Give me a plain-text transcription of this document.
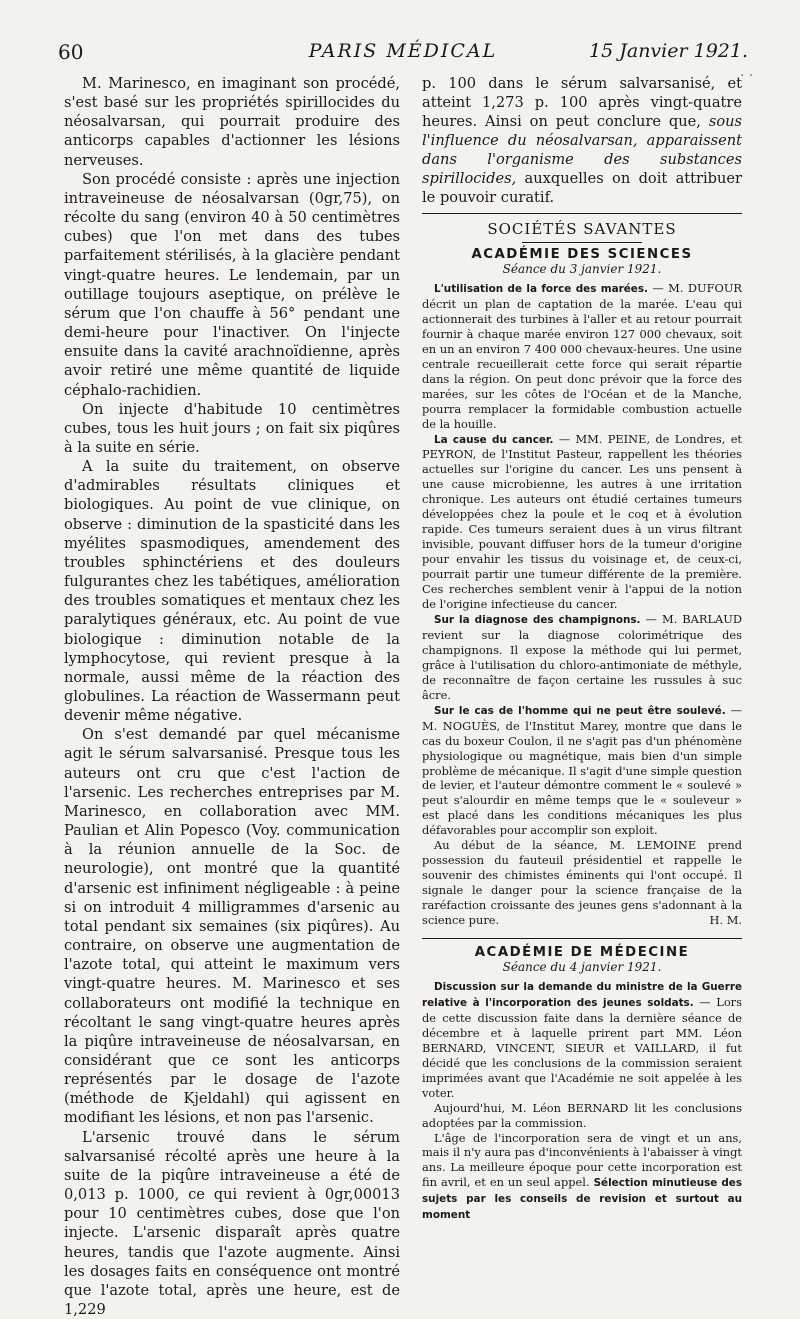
60	PARIS MÉDICAL	15 Janvier 1921.
· ·

M. Marinesco, en imaginant son procédé, s'est basé sur les propriétés spirillocides du néosalvarsan, qui pourrait produire des anticorps capables d'actionner les lésions nerveuses.

Son procédé consiste : après une injection intraveineuse de néosalvarsan (0gr,75), on récolte du sang (environ 40 à 50 centimètres cubes) que l'on met dans des tubes parfaitement stérilisés, à la glacière pendant vingt-quatre heures. Le lendemain, par un outillage toujours aseptique, on prélève le sérum que l'on chauffe à 56° pendant une demi-heure pour l'inactiver. On l'injecte ensuite dans la cavité arachnoïdienne, après avoir retiré une même quantité de liquide céphalo-rachidien.

On injecte d'habitude 10 centimètres cubes, tous les huit jours ; on fait six piqûres à la suite en série.

A la suite du traitement, on observe d'admirables résultats cliniques et biologiques. Au point de vue clinique, on observe : diminution de la spasticité dans les myélites spasmodiques, amendement des troubles sphinctériens et des douleurs fulgurantes chez les tabétiques, amélioration des troubles somatiques et mentaux chez les paralytiques généraux, etc. Au point de vue biologique : diminution notable de la lymphocytose, qui revient presque à la normale, aussi même de la réaction des globulines. La réaction de Wassermann peut devenir même négative.

On s'est demandé par quel mécanisme agit le sérum salvarsanisé. Presque tous les auteurs ont cru que c'est l'action de l'arsenic. Les recherches entreprises par M. Marinesco, en collaboration avec MM. Paulian et Alin Popesco (Voy. communication à la réunion annuelle de la Soc. de neurologie), ont montré que la quantité d'arsenic est infiniment négligeable : à peine si on introduit 4 milligrammes d'arsenic au total pendant six semaines (six piqûres). Au contraire, on observe une augmentation de l'azote total, qui atteint le maximum vers vingt-quatre heures. M. Marinesco et ses collaborateurs ont modifié la technique en récoltant le sang vingt-quatre heures après la piqûre intraveineuse de néosalvarsan, en considérant que ce sont les anticorps représentés par le dosage de l'azote (méthode de Kjeldahl) qui agissent en modifiant les lésions, et non pas l'arsenic.

L'arsenic trouvé dans le sérum salvarsanisé récolté après une heure à la suite de la piqûre intraveineuse a été de 0,013 p. 1000, ce qui revient à 0gr,00013 pour 10 centimètres cubes, dose que l'on injecte. L'arsenic disparaît après quatre heures, tandis que l'azote augmente. Ainsi les dosages faits en conséquence ont montré que l'azote total, après une heure, est de 1,229

p. 100 dans le sérum salvarsanisé, et atteint 1,273 p. 100 après vingt-quatre heures. Ainsi on peut conclure que, sous l'influence du néosalvarsan, apparaissent dans l'organisme des substances spirillocides, auxquelles on doit attribuer le pouvoir curatif.

SOCIÉTÉS SAVANTES
ACADÉMIE DES SCIENCES
Séance du 3 janvier 1921.

L'utilisation de la force des marées. — M. DUFOUR décrit un plan de captation de la marée. L'eau qui actionnerait des turbines à l'aller et au retour pourrait fournir à chaque marée environ 127 000 chevaux, soit en un an environ 7 400 000 chevaux-heures. Une usine centrale recueillerait cette force qui serait répartie dans la région. On peut donc prévoir que la force des marées, sur les côtes de l'Océan et de la Manche, pourra remplacer la formidable combustion actuelle de la houille.

La cause du cancer. — MM. PEINE, de Londres, et PEYRON, de l'Institut Pasteur, rappellent les théories actuelles sur l'origine du cancer. Les uns pensent à une cause microbienne, les autres à une irritation chronique. Les auteurs ont étudié certaines tumeurs développées chez la poule et le coq et à évolution rapide. Ces tumeurs seraient dues à un virus filtrant invisible, pouvant diffuser hors de la tumeur d'origine pour envahir les tissus du voisinage et, de ceux-ci, pourrait partir une tumeur différente de la première. Ces recherches semblent venir à l'appui de la notion de l'origine infectieuse du cancer.

Sur la diagnose des champignons. — M. BARLAUD revient sur la diagnose colorimétrique des champignons. Il expose la méthode qui lui permet, grâce à l'utilisation du chloro-antimoniate de méthyle, de reconnaître de façon certaine les russules à suc âcre.

Sur le cas de l'homme qui ne peut être soulevé. — M. NOGUÈS, de l'Institut Marey, montre que dans le cas du boxeur Coulon, il ne s'agit pas d'un phénomène physiologique ou magnétique, mais bien d'un simple problème de mécanique. Il s'agit d'une simple question de levier, et l'auteur démontre comment le « soulevé » peut s'alourdir en même temps que le « souleveur » est placé dans les conditions mécaniques les plus défavorables pour accomplir son exploit.

Au début de la séance, M. LEMOINE prend possession du fauteuil présidentiel et rappelle le souvenir des chimistes éminents qui l'ont occupé. Il signale le danger pour la science française de la raréfaction croissante des jeunes gens s'adonnant à la science pure.	H. M.

ACADÉMIE DE MÉDECINE
Séance du 4 janvier 1921.

Discussion sur la demande du ministre de la Guerre relative à l'incorporation des jeunes soldats. — Lors de cette discussion faite dans la dernière séance de décembre et à laquelle prirent part MM. Léon BERNARD, VINCENT, SIEUR et VAILLARD, il fut décidé que les conclusions de la commission seraient imprimées avant que l'Académie ne soit appelée à les voter.

Aujourd'hui, M. Léon BERNARD lit les conclusions adoptées par la commission.

L'âge de l'incorporation sera de vingt et un ans, mais il n'y aura pas d'inconvénients à l'abaisser à vingt ans. La meilleure époque pour cette incorporation est fin avril, et en un seul appel. Sélection minutieuse des sujets par les conseils de revision et surtout au moment
